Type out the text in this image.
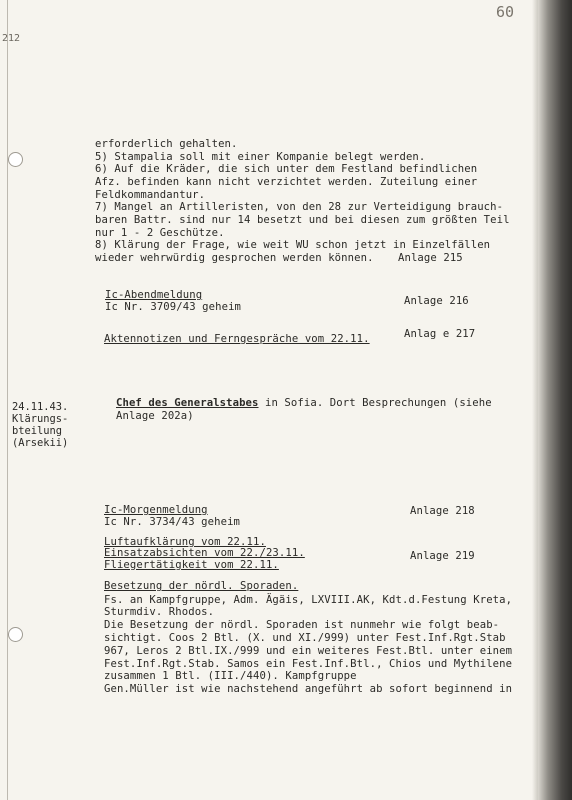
60
212
erforderlich gehalten.
5) Stampalia soll mit einer Kompanie belegt werden.
6) Auf die Kräder, die sich unter dem Festland befindlichen
Afz. befinden kann nicht verzichtet werden. Zuteilung einer
Feldkommandantur.
7) Mangel an Artilleristen, von den 28 zur Verteidigung brauch-
baren Battr. sind nur 14 besetzt und bei diesen zum größten Teil
nur 1 - 2 Geschütze.
8) Klärung der Frage, wie weit WU schon jetzt in Einzelfällen
wieder wehrwürdig gesprochen werden können. Anlage 215
Ic-Abendmeldung
Ic Nr. 3709/43 geheim	Anlage 216
Aktennotizen und Ferngespräche vom 22.11.	Anlag e 217
24.11.43.
Klärungs-
bteilung
(Arsekii)
Chef des Generalstabes in Sofia. Dort Besprechungen (siehe
Anlage 202a)
Ic-Morgenmeldung
Ic Nr. 3734/43 geheim
Anlage 218
Luftaufklärung vom 22.11.
Einsatzabsichten vom 22./23.11.
Fliegertätigkeit vom 22.11.
Anlage 219
Besetzung der nördl. Sporaden.
Fs. an Kampfgruppe, Adm. Ägäis, LXVIII.AK, Kdt.d.Festung Kreta,
Sturmdiv. Rhodos.
Die Besetzung der nördl. Sporaden ist nunmehr wie folgt beab-
sichtigt. Coos 2 Btl. (X. und XI./999) unter Fest.Inf.Rgt.Stab
967, Leros 2 Btl.IX./999 und ein weiteres Fest.Btl. unter einem
Fest.Inf.Rgt.Stab. Samos ein Fest.Inf.Btl., Chios und Mythilene
zusammen 1 Btl. (III./440). Kampfgruppe
Gen.Müller ist wie nachstehend angeführt ab sofort beginnend in
